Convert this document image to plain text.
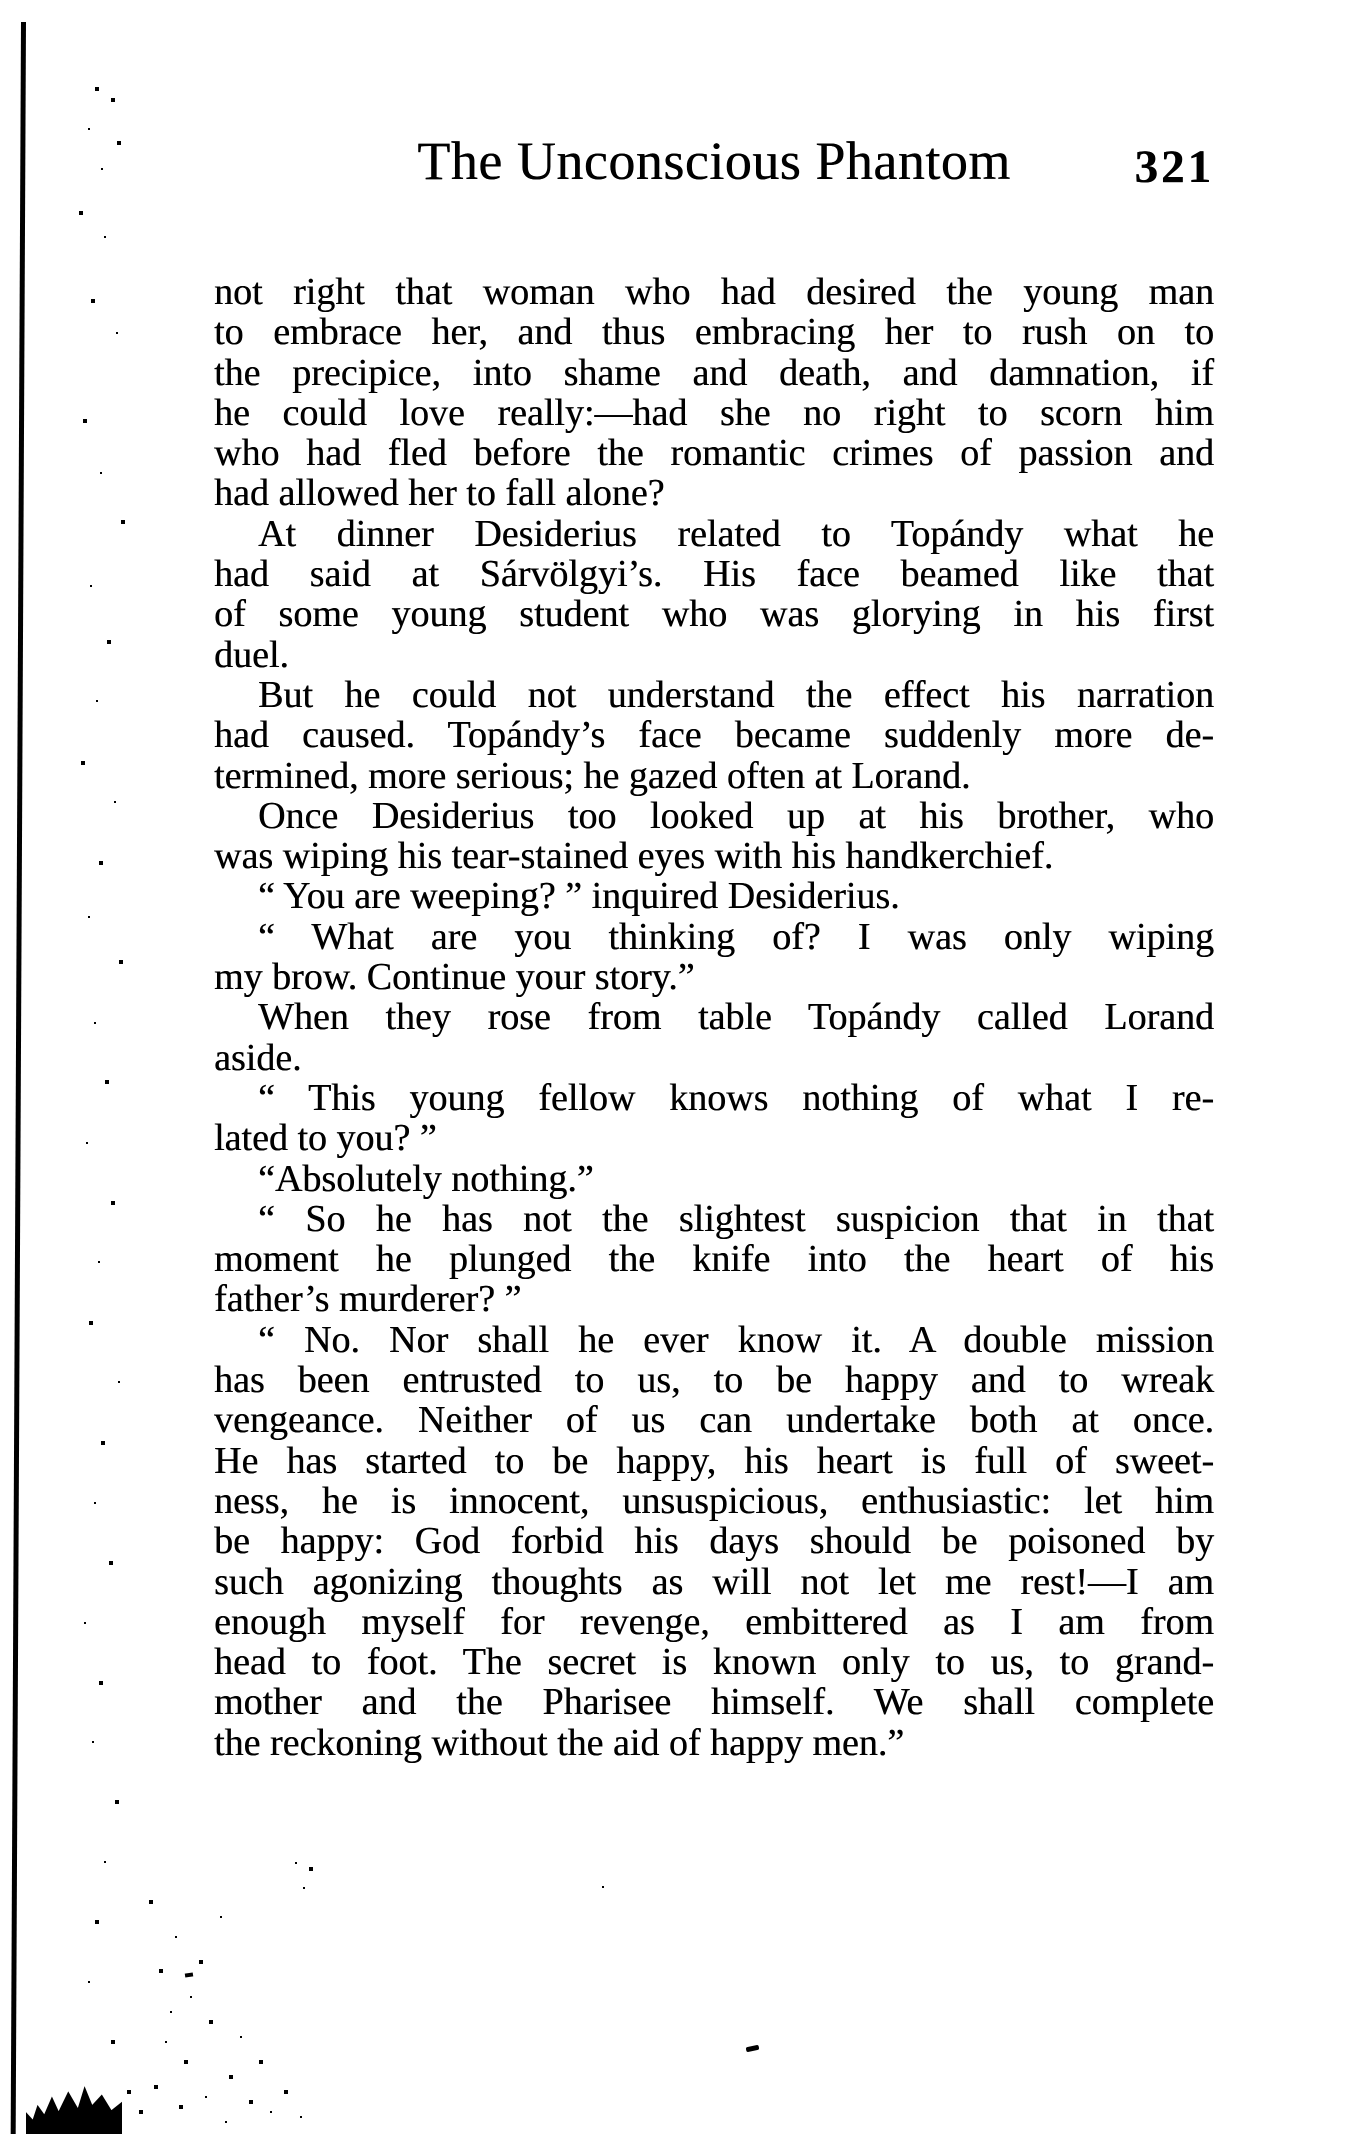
The Unconscious Phantom	321
not right that woman who had desired the young man
to embrace her, and thus embracing her to rush on to
the precipice, into shame and death, and damnation, if
he could love really:—had she no right to scorn him
who had fled before the romantic crimes of passion and
had allowed her to fall alone?
At dinner Desiderius related to Topándy what he
had said at Sárvölgyi’s. His face beamed like that
of some young student who was glorying in his first
duel.
But he could not understand the effect his narration
had caused. Topándy’s face became suddenly more de-
termined, more serious; he gazed often at Lorand.
Once Desiderius too looked up at his brother, who
was wiping his tear-stained eyes with his handkerchief.
“ You are weeping? ” inquired Desiderius.
“ What are you thinking of? I was only wiping
my brow. Continue your story.”
When they rose from table Topándy called Lorand
aside.
“ This young fellow knows nothing of what I re-
lated to you? ”
“Absolutely nothing.”
“ So he has not the slightest suspicion that in that
moment he plunged the knife into the heart of his
father’s murderer? ”
“ No. Nor shall he ever know it. A double mission
has been entrusted to us, to be happy and to wreak
vengeance. Neither of us can undertake both at once.
He has started to be happy, his heart is full of sweet-
ness, he is innocent, unsuspicious, enthusiastic: let him
be happy: God forbid his days should be poisoned by
such agonizing thoughts as will not let me rest!—I am
enough myself for revenge, embittered as I am from
head to foot. The secret is known only to us, to grand-
mother and the Pharisee himself. We shall complete
the reckoning without the aid of happy men.”
